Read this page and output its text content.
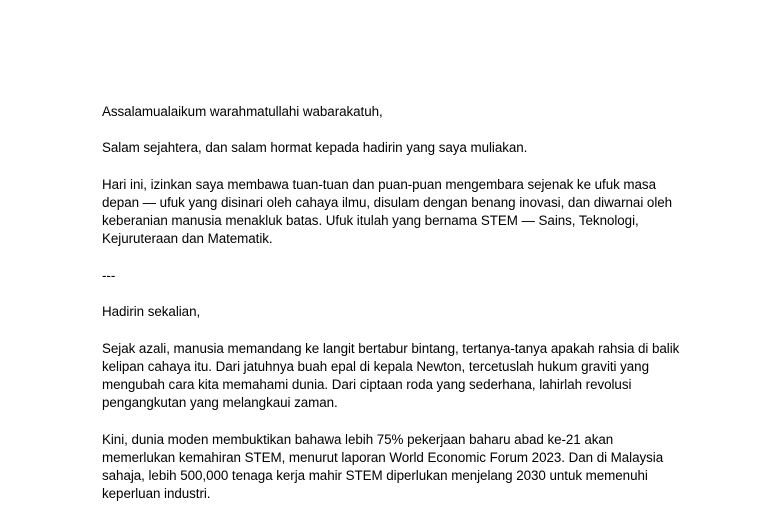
Assalamualaikum warahmatullahi wabarakatuh,

Salam sejahtera, dan salam hormat kepada hadirin yang saya muliakan.

Hari ini, izinkan saya membawa tuan-tuan dan puan-puan mengembara sejenak ke ufuk masa
depan — ufuk yang disinari oleh cahaya ilmu, disulam dengan benang inovasi, dan diwarnai oleh
keberanian manusia menakluk batas. Ufuk itulah yang bernama STEM — Sains, Teknologi,
Kejuruteraan dan Matematik.

---

Hadirin sekalian,

Sejak azali, manusia memandang ke langit bertabur bintang, tertanya-tanya apakah rahsia di balik
kelipan cahaya itu. Dari jatuhnya buah epal di kepala Newton, tercetuslah hukum graviti yang
mengubah cara kita memahami dunia. Dari ciptaan roda yang sederhana, lahirlah revolusi
pengangkutan yang melangkaui zaman.

Kini, dunia moden membuktikan bahawa lebih 75% pekerjaan baharu abad ke-21 akan
memerlukan kemahiran STEM, menurut laporan World Economic Forum 2023. Dan di Malaysia
sahaja, lebih 500,000 tenaga kerja mahir STEM diperlukan menjelang 2030 untuk memenuhi
keperluan industri.
